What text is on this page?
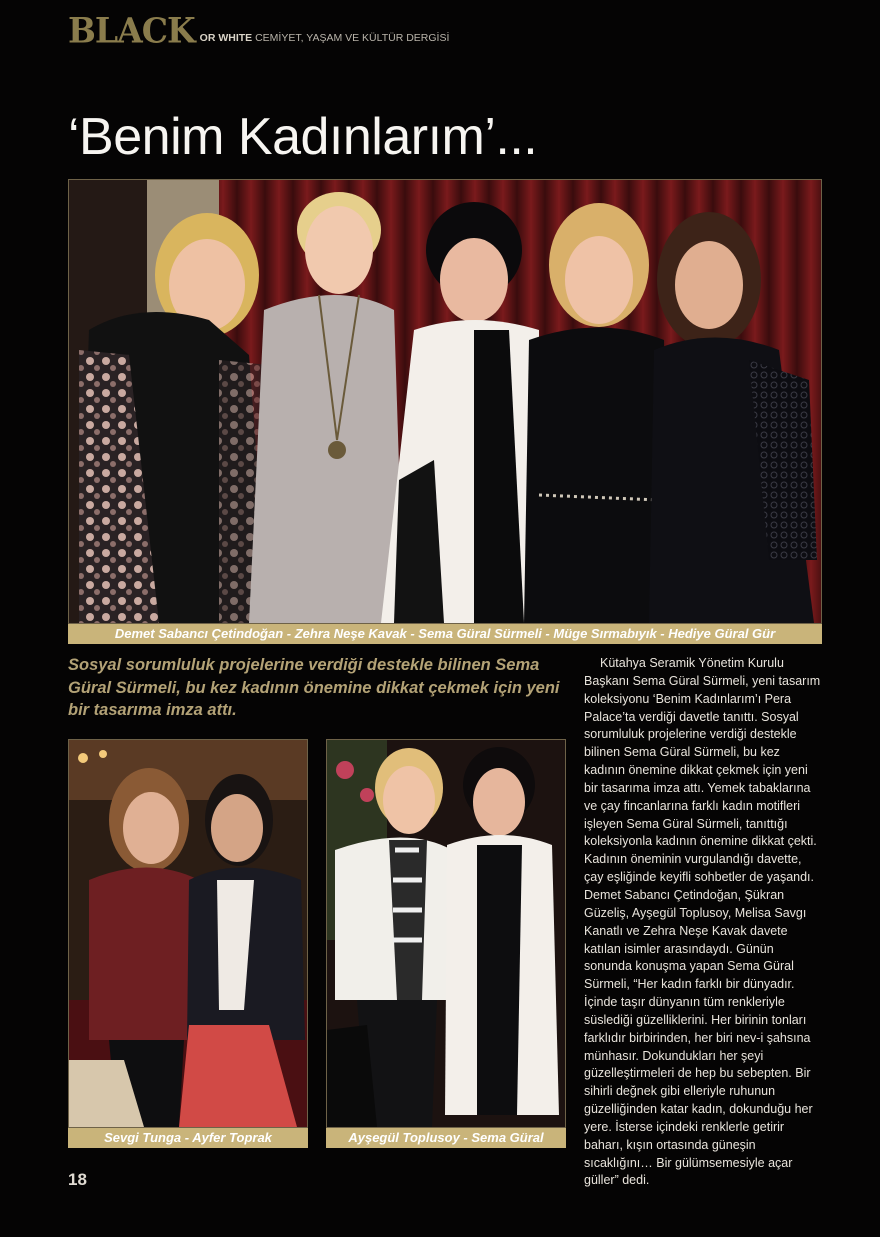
BLACK OR WHITE CEMİYET, YAŞAM VE KÜLTÜR DERGİSİ
‘Benim Kadınlarım’...
Demet Sabancı Çetindoğan - Zehra Neşe Kavak - Sema Güral Sürmeli - Müge Sırmabıyık - Hediye Güral Gür

Sosyal sorumluluk projelerine verdiği destekle bilinen Sema Güral Sürmeli, bu kez kadının önemine dikkat çekmek için yeni bir tasarıma imza attı.

Sevgi Tunga - Ayfer Toprak	Ayşegül Toplusoy - Sema Güral

Kütahya Seramik Yönetim Kurulu Başkanı Sema Güral Sürmeli, yeni tasarım koleksiyonu ‘Benim Kadınlarım’ı Pera Palace’ta verdiği davetle tanıttı. Sosyal sorumluluk projelerine verdiği destekle bilinen Sema Güral Sürmeli, bu kez kadının önemine dikkat çekmek için yeni bir tasarıma imza attı. Yemek tabaklarına ve çay fincanlarına farklı kadın motifleri işleyen Sema Güral Sürmeli, tanıttığı koleksiyonla kadının önemine dikkat çekti. Kadının öneminin vurgulandığı davette, çay eşliğinde keyifli sohbetler de yaşandı. Demet Sabancı Çetindoğan, Şükran Güzeliş, Ayşegül Toplusoy, Melisa Savgı Kanatlı ve Zehra Neşe Kavak davete katılan isimler arasındaydı. Günün sonunda konuşma yapan Sema Güral Sürmeli, “Her kadın farklı bir dünyadır. İçinde taşır dünyanın tüm renkleriyle süslediği güzelliklerini. Her birinin tonları farklıdır birbirinden, her biri nev-i şahsına münhasır. Dokundukları her şeyi güzelleştirmeleri de hep bu sebepten. Bir sihirli değnek gibi elleriyle ruhunun güzelliğinden katar kadın, dokunduğu her yere. İsterse içindeki renklerle getirir baharı, kışın ortasında güneşin sıcaklığını… Bir gülümsemesiyle açar güller” dedi.

18
